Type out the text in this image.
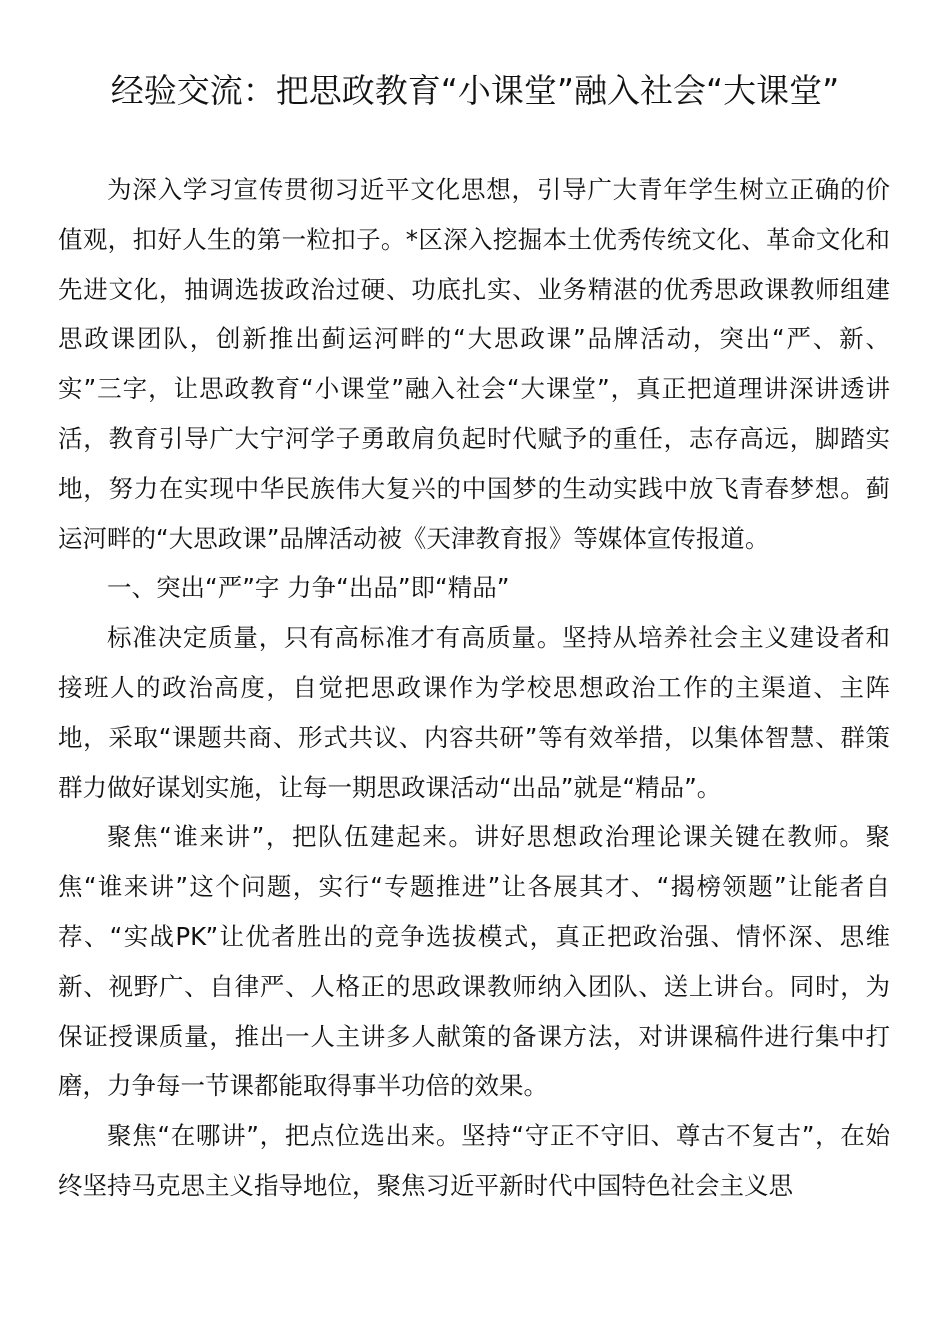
经验交流：把思政教育“小课堂”融入社会“大课堂”

为深入学习宣传贯彻习近平文化思想，引导广大青年学生树立正确的价值观，扣好人生的第一粒扣子。*区深入挖掘本土优秀传统文化、革命文化和先进文化，抽调选拔政治过硬、功底扎实、业务精湛的优秀思政课教师组建思政课团队，创新推出蓟运河畔的“大思政课”品牌活动，突出“严、新、实”三字，让思政教育“小课堂”融入社会“大课堂”，真正把道理讲深讲透讲活，教育引导广大宁河学子勇敢肩负起时代赋予的重任，志存高远，脚踏实地，努力在实现中华民族伟大复兴的中国梦的生动实践中放飞青春梦想。蓟运河畔的“大思政课”品牌活动被《天津教育报》等媒体宣传报道。

一、突出“严”字 力争“出品”即“精品”

标准决定质量，只有高标准才有高质量。坚持从培养社会主义建设者和接班人的政治高度，自觉把思政课作为学校思想政治工作的主渠道、主阵地，采取“课题共商、形式共议、内容共研”等有效举措，以集体智慧、群策群力做好谋划实施，让每一期思政课活动“出品”就是“精品”。

聚焦“谁来讲”，把队伍建起来。讲好思想政治理论课关键在教师。聚焦“谁来讲”这个问题，实行“专题推进”让各展其才、“揭榜领题”让能者自荐、“实战PK”让优者胜出的竞争选拔模式，真正把政治强、情怀深、思维新、视野广、自律严、人格正的思政课教师纳入团队、送上讲台。同时，为保证授课质量，推出一人主讲多人献策的备课方法，对讲课稿件进行集中打磨，力争每一节课都能取得事半功倍的效果。

聚焦“在哪讲”，把点位选出来。坚持“守正不守旧、尊古不复古”，在始终坚持马克思主义指导地位，聚焦习近平新时代中国特色社会主义思
